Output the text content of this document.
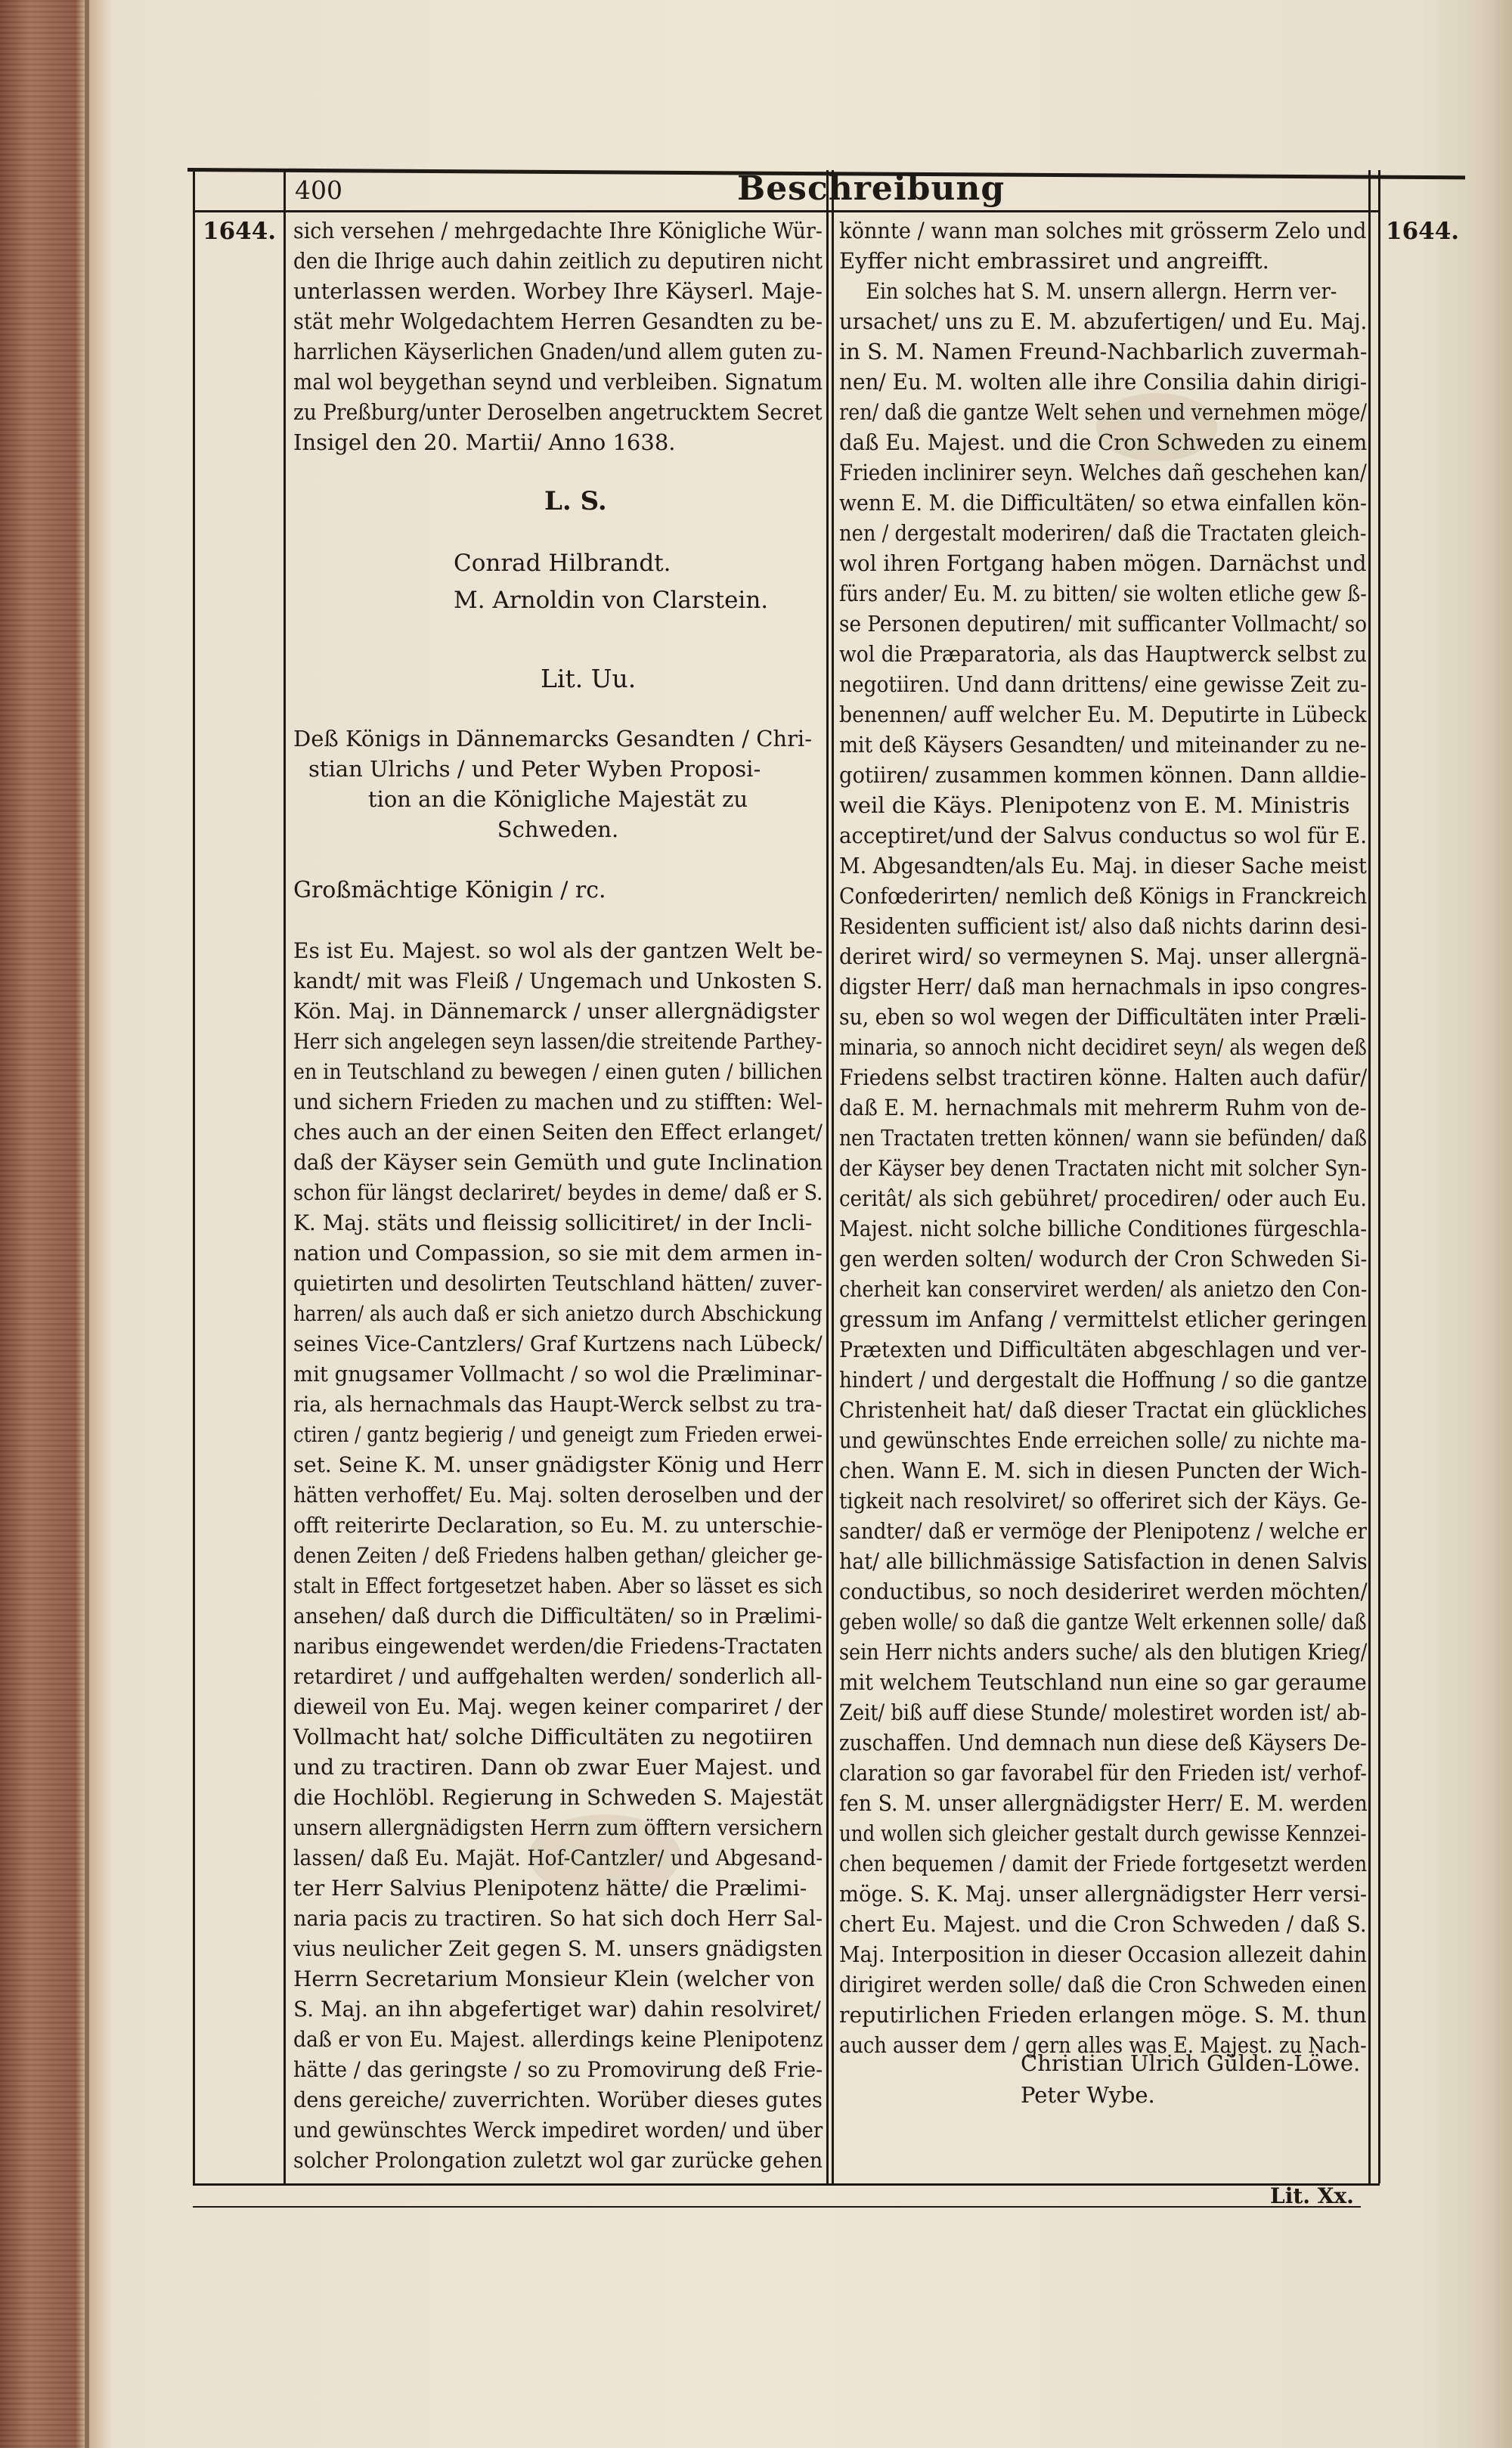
400	Beschreibung
1644.	1644.
sich versehen / mehrgedachte Ihre Königliche Wür-
den die Ihrige auch dahin zeitlich zu deputiren nicht
unterlassen werden. Worbey Ihre Käyserl. Maje-
stät mehr Wolgedachtem Herren Gesandten zu be-
harrlichen Käyserlichen Gnaden/und allem guten zu-
mal wol beygethan seynd und verbleiben. Signatum
zu Preßburg/unter Deroselben angetrucktem Secret
Insigel den 20. Martii/ Anno 1638.
L. S.
Conrad Hilbrandt.
M. Arnoldin von Clarstein.
Lit. Uu.
Deß Königs in Dännemarcks Gesandten / Chri-
stian Ulrichs / und Peter Wyben Proposi-
tion an die Königliche Majestät zu
Schweden.
Großmächtige Königin / rc.
Es ist Eu. Majest. so wol als der gantzen Welt be-
kandt/ mit was Fleiß / Ungemach und Unkosten S.
Kön. Maj. in Dännemarck / unser allergnädigster
Herr sich angelegen seyn lassen/die streitende Parthey-
en in Teutschland zu bewegen / einen guten / billichen
und sichern Frieden zu machen und zu stifften: Wel-
ches auch an der einen Seiten den Effect erlanget/
daß der Käyser sein Gemüth und gute Inclination
schon für längst declariret/ beydes in deme/ daß er S.
K. Maj. stäts und fleissig sollicitiret/ in der Incli-
nation und Compassion, so sie mit dem armen in-
quietirten und desolirten Teutschland hätten/ zuver-
harren/ als auch daß er sich anietzo durch Abschickung
seines Vice-Cantzlers/ Graf Kurtzens nach Lübeck/
mit gnugsamer Vollmacht / so wol die Præliminar-
ria, als hernachmals das Haupt-Werck selbst zu tra-
ctiren / gantz begierig / und geneigt zum Frieden erwei-
set. Seine K. M. unser gnädigster König und Herr
hätten verhoffet/ Eu. Maj. solten deroselben und der
offt reiterirte Declaration, so Eu. M. zu unterschie-
denen Zeiten / deß Friedens halben gethan/ gleicher ge-
stalt in Effect fortgesetzet haben. Aber so lässet es sich
ansehen/ daß durch die Difficultäten/ so in Prælimi-
naribus eingewendet werden/die Friedens-Tractaten
retardiret / und auffgehalten werden/ sonderlich all-
dieweil von Eu. Maj. wegen keiner compariret / der
Vollmacht hat/ solche Difficultäten zu negotiiren
und zu tractiren. Dann ob zwar Euer Majest. und
die Hochlöbl. Regierung in Schweden S. Majestät
unsern allergnädigsten Herrn zum öfftern versichern
lassen/ daß Eu. Majät. Hof-Cantzler/ und Abgesand-
ter Herr Salvius Plenipotenz hätte/ die Prælimi-
naria pacis zu tractiren. So hat sich doch Herr Sal-
vius neulicher Zeit gegen S. M. unsers gnädigsten
Herrn Secretarium Monsieur Klein (welcher von
S. Maj. an ihn abgefertiget war) dahin resolviret/
daß er von Eu. Majest. allerdings keine Plenipotenz
hätte / das geringste / so zu Promovirung deß Frie-
dens gereiche/ zuverrichten. Worüber dieses gutes
und gewünschtes Werck impediret worden/ und über
solcher Prolongation zuletzt wol gar zurücke gehen
könnte / wann man solches mit grösserm Zelo und
Eyffer nicht embrassiret und angreifft.
Ein solches hat S. M. unsern allergn. Herrn ver-
ursachet/ uns zu E. M. abzufertigen/ und Eu. Maj.
in S. M. Namen Freund-Nachbarlich zuvermah-
nen/ Eu. M. wolten alle ihre Consilia dahin dirigi-
ren/ daß die gantze Welt sehen und vernehmen möge/
daß Eu. Majest. und die Cron Schweden zu einem
Frieden inclinirer seyn. Welches dañ geschehen kan/
wenn E. M. die Difficultäten/ so etwa einfallen kön-
nen / dergestalt moderiren/ daß die Tractaten gleich-
wol ihren Fortgang haben mögen. Darnächst und
fürs ander/ Eu. M. zu bitten/ sie wolten etliche gew ß-
se Personen deputiren/ mit sufficanter Vollmacht/ so
wol die Præparatoria, als das Hauptwerck selbst zu
negotiiren. Und dann drittens/ eine gewisse Zeit zu-
benennen/ auff welcher Eu. M. Deputirte in Lübeck
mit deß Käysers Gesandten/ und miteinander zu ne-
gotiiren/ zusammen kommen können. Dann alldie-
weil die Käys. Plenipotenz von E. M. Ministris
acceptiret/und der Salvus conductus so wol für E.
M. Abgesandten/als Eu. Maj. in dieser Sache meist
Confœderirten/ nemlich deß Königs in Franckreich
Residenten sufficient ist/ also daß nichts darinn desi-
deriret wird/ so vermeynen S. Maj. unser allergnä-
digster Herr/ daß man hernachmals in ipso congres-
su, eben so wol wegen der Difficultäten inter Præli-
minaria, so annoch nicht decidiret seyn/ als wegen deß
Friedens selbst tractiren könne. Halten auch dafür/
daß E. M. hernachmals mit mehrerm Ruhm von de-
nen Tractaten tretten können/ wann sie befünden/ daß
der Käyser bey denen Tractaten nicht mit solcher Syn-
ceritât/ als sich gebühret/ procediren/ oder auch Eu.
Majest. nicht solche billiche Conditiones fürgeschla-
gen werden solten/ wodurch der Cron Schweden Si-
cherheit kan conserviret werden/ als anietzo den Con-
gressum im Anfang / vermittelst etlicher geringen
Prætexten und Difficultäten abgeschlagen und ver-
hindert / und dergestalt die Hoffnung / so die gantze
Christenheit hat/ daß dieser Tractat ein glückliches
und gewünschtes Ende erreichen solle/ zu nichte ma-
chen. Wann E. M. sich in diesen Puncten der Wich-
tigkeit nach resolviret/ so offeriret sich der Käys. Ge-
sandter/ daß er vermöge der Plenipotenz / welche er
hat/ alle billichmässige Satisfaction in denen Salvis
conductibus, so noch desideriret werden möchten/
geben wolle/ so daß die gantze Welt erkennen solle/ daß
sein Herr nichts anders suche/ als den blutigen Krieg/
mit welchem Teutschland nun eine so gar geraume
Zeit/ biß auff diese Stunde/ molestiret worden ist/ ab-
zuschaffen. Und demnach nun diese deß Käysers De-
claration so gar favorabel für den Frieden ist/ verhof-
fen S. M. unser allergnädigster Herr/ E. M. werden
und wollen sich gleicher gestalt durch gewisse Kennzei-
chen bequemen / damit der Friede fortgesetzt werden
möge. S. K. Maj. unser allergnädigster Herr versi-
chert Eu. Majest. und die Cron Schweden / daß S.
Maj. Interposition in dieser Occasion allezeit dahin
dirigiret werden solle/ daß die Cron Schweden einen
reputirlichen Frieden erlangen möge. S. M. thun
auch ausser dem / gern alles was E. Majest. zu Nach-
Christian Ulrich Gülden-Löwe.
Peter Wybe.
Lit. Xx.
